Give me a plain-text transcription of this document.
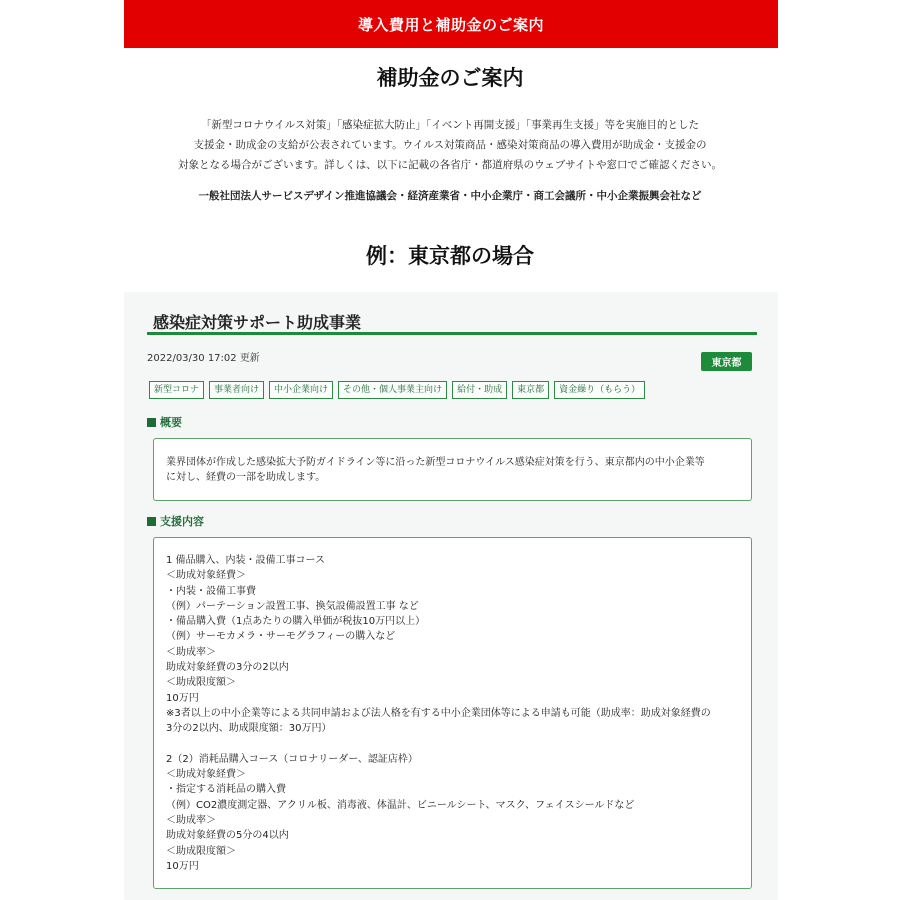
導入費用と補助金のご案内
補助金のご案内
「新型コロナウイルス対策」「感染症拡大防止」「イベント再開支援」「事業再生支援」等を実施目的とした
支援金・助成金の支給が公表されています。ウイルス対策商品・感染対策商品の導入費用が助成金・支援金の
対象となる場合がございます。詳しくは、以下に記載の各省庁・都道府県のウェブサイトや窓口でご確認ください。
一般社団法人サービスデザイン推進協議会・経済産業省・中小企業庁・商工会議所・中小企業振興会社など
例：東京都の場合
感染症対策サポート助成事業
2022/03/30 17:02 更新	東京都
新型コロナ	事業者向け	中小企業向け	その他・個人事業主向け	給付・助成	東京都	資金繰り（もらう）
概要
業界団体が作成した感染拡大予防ガイドライン等に沿った新型コロナウイルス感染症対策を行う、東京都内の中小企業等
に対し、経費の一部を助成します。
支援内容
1 備品購入、内装・設備工事コース
＜助成対象経費＞
・内装・設備工事費
（例）パーテーション設置工事、換気設備設置工事 など
・備品購入費（1点あたりの購入単価が税抜10万円以上）
（例）サーモカメラ・サーモグラフィーの購入など
＜助成率＞
助成対象経費の3分の2以内
＜助成限度額＞
10万円
※3者以上の中小企業等による共同申請および法人格を有する中小企業団体等による申請も可能（助成率：助成対象経費の
3分の2以内、助成限度額：30万円）

2（2）消耗品購入コース（コロナリーダー、認証店枠）
＜助成対象経費＞
・指定する消耗品の購入費
（例）CO2濃度測定器、アクリル板、消毒液、体温計、ビニールシート、マスク、フェイスシールドなど
＜助成率＞
助成対象経費の5分の4以内
＜助成限度額＞
10万円
